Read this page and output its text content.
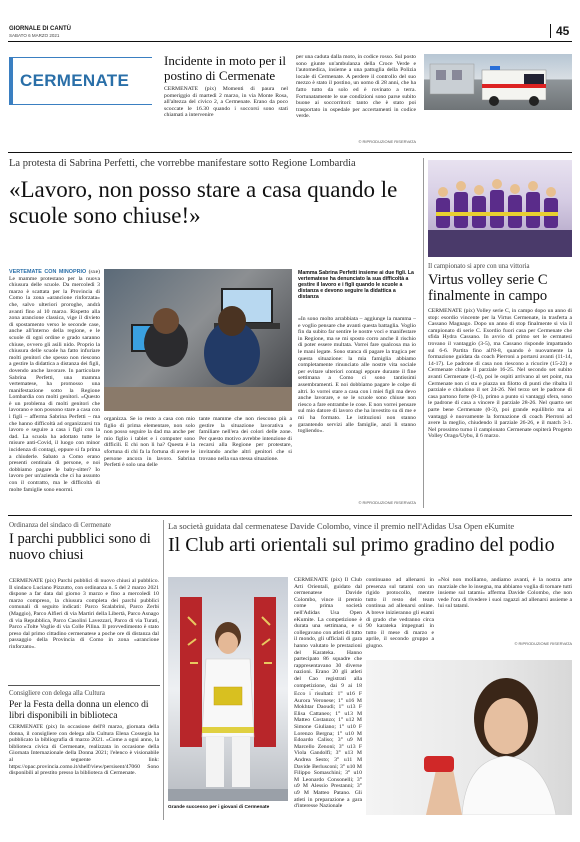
GIORNALE DI CANTÙ
SABATO 6 MARZO 2021	45
CERMENATE
Incidente in moto per il postino di Cermenate
CERMENATE (pix) Momenti di paura nel pomeriggio di martedì 2 marzo, in via Monte Rosa, all'altezza del civico 2, a Cermenate. Erano da poco scoccate le 16.30 quando i soccorsi sono stati chiamati a intervenire
per una caduta dalla moto, in codice rosso. Sul posto sono giunte un'ambulanza della Croce Verde e l'automedica, insieme a una pattuglia della Polizia locale di Cermenate. A perdere il controllo del suo mezzo è stato il postino, un uomo di 28 anni, che ha fatto tutto da solo ed è rovinato a terra. Fortunatamente le sue condizioni sono parse subito buone ai soccorritori: tanto che è stato poi trasportato in ospedale per accertamenti in codice verde.
© RIPRODUZIONE RISERVATA
La protesta di Sabrina Perfetti, che vorrebbe manifestare sotto Regione Lombardia
«Lavoro, non posso stare a casa quando le scuole sono chiuse!»
Il campionato si apre con una vittoria
Virtus volley serie C finalmente in campo
CERMENATE (pix) Volley serie C, in campo dopo un anno di stop: esordio vincente per la Virtus Cermenate, in trasferta a Cassano Magnago. Dopo un anno di stop finalmente si via il campionato di serie C. Esordio fuori casa per Cermenate che sfida Hydra Cassano. In avvio di primo set le cermatesi trovano il vantaggio (3-5), ma Cassano risponde impattando sul 6-6. Partita fino all'8-8, quando è nuovamente la formazione guidata da coach Pierroni a portarsi avanti (11-14, 14-17). Le padrone di casa non riescono a ricucire (15-22) e Cermenate chiude il parziale 16-25. Nel secondo set subito avanti Cermenate (1-4), poi le ospiti arrivano al set point, ma Cermenate non ci sta e piazza un filotto di punti che ribalta il parziale e chiudono il set 24-26. Nel terzo set le padrone di casa partono forte (8-1), primo a punto si vantaggi sfera, sono le padrone di casa a vincere il parziale 28-26. Nel quarto set parte bene Cermenate (0-3), poi grande equilibrio ma ai vantaggi è nuovamente la formazione di coach Pierroni ad avere la meglio, chiudendo il parziale 26-26, e il match 3-1. Nel prossimo turno il campionato Cermenate ospiterà Progetto Volley Orago/Uybu, il 6 marzo.
VERTEMATE CON MINOPRIO (sxe) Le mamme protestano per la nuova chiusura delle scuole. Da mercoledì 3 marzo è scattata per la Provincia di Como la zona «arancione rinforzata» che, salvo ulteriori proroghe, andrà avanti fino al 10 marzo. Rispetto alla zona arancione classica, vige il divieto di spostamento verso le seconde case, anche all'interno della regione, e le scuole di ogni ordine e grado saranno chiuse, ovvero gli asili nido. Proprio la chiusura delle scuole ha fatto infuriare molti genitori che spesso non riescono a gestire la didattica a distanza dei figli, dovendo anche lavorare. In particolare Sabrina Perfetti, una mamma vertematese, ha promosso una manifestazione sotto la Regione Lombardia con molti genitori. «Questo è un problema di molti genitori che lavorano e non possono stare a casa con i figli – afferma Sabrina Perfetti – ma che hanno difficoltà ad organizzarsi tra lavoro e seguire a casa i figli con la dad. La scuola ha adottato tutte le misure anti-Covid, il luogo con minor incidenza di contagi, eppure si fa prima a chiuderle. Sabato a Como erano presenti centinaia di persone, e noi dobbiamo pagare le baby-sitter? Io lavoro per un'azienda che ci ha assunto con il contratto, ma le difficoltà di molte famiglie sono enormi.
organizza. Se io resto a casa con mio figlio di prima elementare, non solo non posso seguire la dad ma anche per mio figlio i tablet e i computer sono difficili. E chi non li ha? Questa è la sfortuna di chi fa la fortuna di avere le persone ancora in lavoro. Sabrina Perfetti è solo una delle
tante mamme che non riescono più a gestire la situazione lavorativa e familiare nell'era dei colori delle zone. Per questo motivo avrebbe intenzione di recarsi alla Regione per protestare, invitando anche altri genitori che si trovano nella sua stessa situazione.
Mamma Sabrina Perfetti insieme ai due figli. La vertematese ha denunciato la sua difficoltà a gestire il lavoro e i figli quando le scuole a distanza e devono seguire la didattica a distanza
«In sono molto arrabbiata – aggiunge la mamma – e voglio pensare che avanti questa battaglia. Voglio fin da subito far sentire le nostre voci e manifestare in Regione, ma se mi sposto corro anche il rischio di poter essere multata. Vorrei fare qualcosa ma io le mani legate. Sono stanca di pagare la tragica per questa situazione: la mia famiglia abbiamo completamente rinunciato alle nostre vita sociale per evitare ulteriori contagi eppure durante il fine settimana a Como ci sono tantissimi assembramenti. E noi dobbiamo pagare le colpe di altri. Io vorrei stare a casa con i miei figli ma devo anche lavorare, e se le scuole sono chiuse non riesco a fare entrambe le cose. E non vorrei pensare sul mio datore di lavoro che ha investito su di me e mi ha formato. Le istituzioni non stanno garantendo servizi alle famiglie, anzi li stanno togliendo».
© RIPRODUZIONE RISERVATA
Ordinanza del sindaco di Cermenate
I parchi pubblici sono di nuovo chiusi
CERMENATE (pix) Parchi pubblici di nuovo chiusi al pubblico. Il sindaco Luciano Pizzutto, con ordinanza n. 5 del 2 marzo 2021 dispone a far data dal giorno 3 marzo e fino a mercoledì 10 marzo compreso, la chiusura completa dei parchi pubblici comunali di seguito indicati: Parco Scalabrini, Parco Zerbi (Maggio), Parco Alfieri di via Martiri della Libertà, Parco Asnago di via Repubblica, Parco Casolini Lavezzari, Parco di via Turati, Parco «Tolte Voglie di via Colle Pilina. Il provvedimento è stato preso dal primo cittadino cermenatese a poche ore di distanza dal passaggio della Provincia di Como in zona «arancione rinforzato».
Consigliere con delega alla Cultura
Per la Festa della donna un elenco di libri disponibili in biblioteca
CERMENATE (pix) In occasione dell'8 marzo, giornata della donna, il consigliere con delega alla Cultura Elena Cossegia ha pubblicato la bibliografia di marzo 2021. «Come a ogni anno, la biblioteca civica di Cermenate, realizzata in occasione della Giornata Internazionale della Donna 2021; l'elenco è visionabile al seguente link: https://opac.provincia.como.it/shelf/view/persisent/47060 Sono disponibili al prestito presso la biblioteca di Cermenate.
La società guidata dal cermenatese Davide Colombo, vince il premio nell'Adidas Usa Open eKumite
Il Club arti orientali sul primo gradino del podio
Grande successo per i giovani di Cermenate
CERMENATE (pix) Il Club Arti Orientali, guidato dal cermenatese Davide Colombo, vince il premio come prima società nell'Adidas Usa Open eKumite. La competizione è durata una settimana, e si collegavano con atleti di tutto il mondo, gli ufficiali di gara hanno valutato le prestazioni del Karateka. Hanno partecipato 86 squadre che rappresentavano 30 diverse nazioni. Erano 20 gli atleti del Cao registrati alla competizione, dai 9 ai 18
Ecco i risultati: 1° u16 F Aurora Veronese; 1° u16 M Mokhtar Daoudi; 1° u13 F Elisa Cattaneo; 1° u13 M Matteo Costanzo; 1° u12 M Simone Giuliano; 1° u10 F Lorenzo Bergna; 1° u10 M Edoardo Caliso; 3° u9 M Marcello Zenoni; 3° u13 F Viola Gandolfi; 3° u13 M Andrea Sesto; 3° u11 M Davide Berlusconi; 3° u10 M Filippo Somaschini; 3° u10 M Leonardo Consonelli; 3° u9 M Alessio Prestanni; 3° u9 M Matteo Patano. Gli atleti in preparazione a gara d'interesse Nazionale
continuano ad allenarsi in presenza sul tatami con un rigido protocollo, mentre tutto il resto del team continua ad allenarsi online. A breve inizieranno gli esami di grado che vedranno circa 90 karateka impegnati in tutto il mese di marzo e aprile, il secondo gruppo a giugno.
«Noi non molliamo, andiamo avanti, è la nostra arte marziale che lo insegna, ma abbiamo voglia di tornare tutti insieme sul tatami» afferma Davide Colombo, che non vede l'ora di rivedere i suoi ragazzi ad allenarsi assieme a lui sul tatami.
© RIPRODUZIONE RISERVATA
